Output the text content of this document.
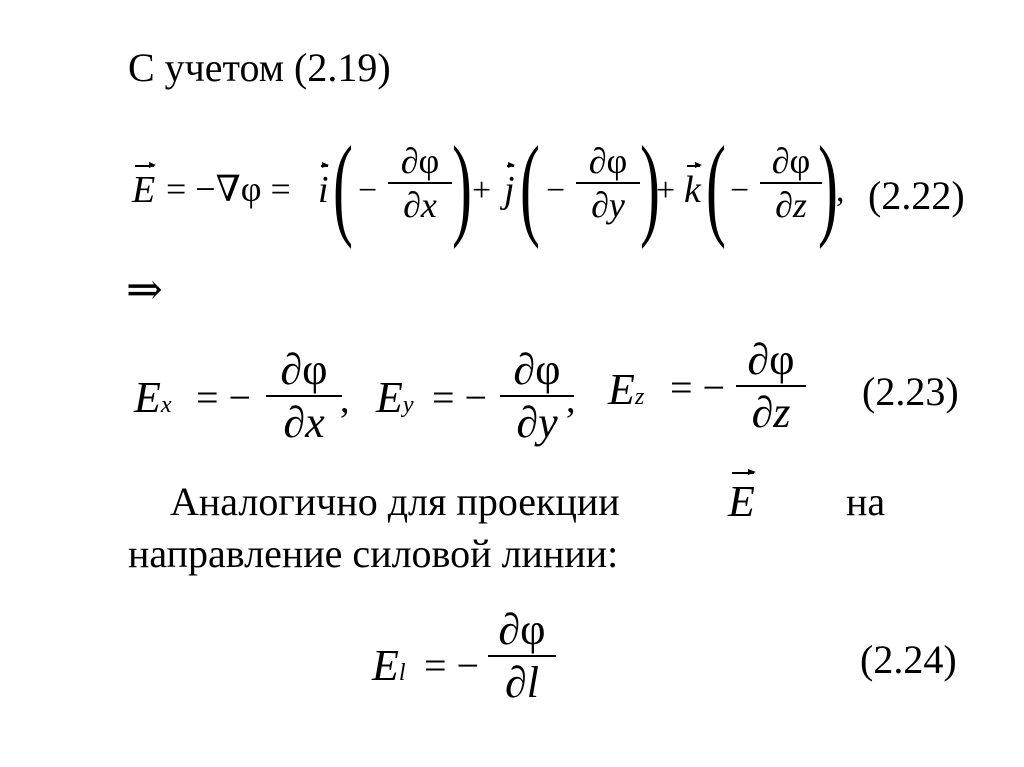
С учетом (2.19)
E = −∇φ = i ( −
∂φ
∂x ) + j ( −
∂φ
∂y )
+ k ( −
∂φ
∂z )
, (2.22)
⇒
Ex = −
∂φ
∂x , Ey = −
∂φ
∂y , Ez = −
∂φ
∂z (2.23)
Аналогично для проекции E на
направление силовой линии:
El = −
∂φ
∂l	(2.24)
